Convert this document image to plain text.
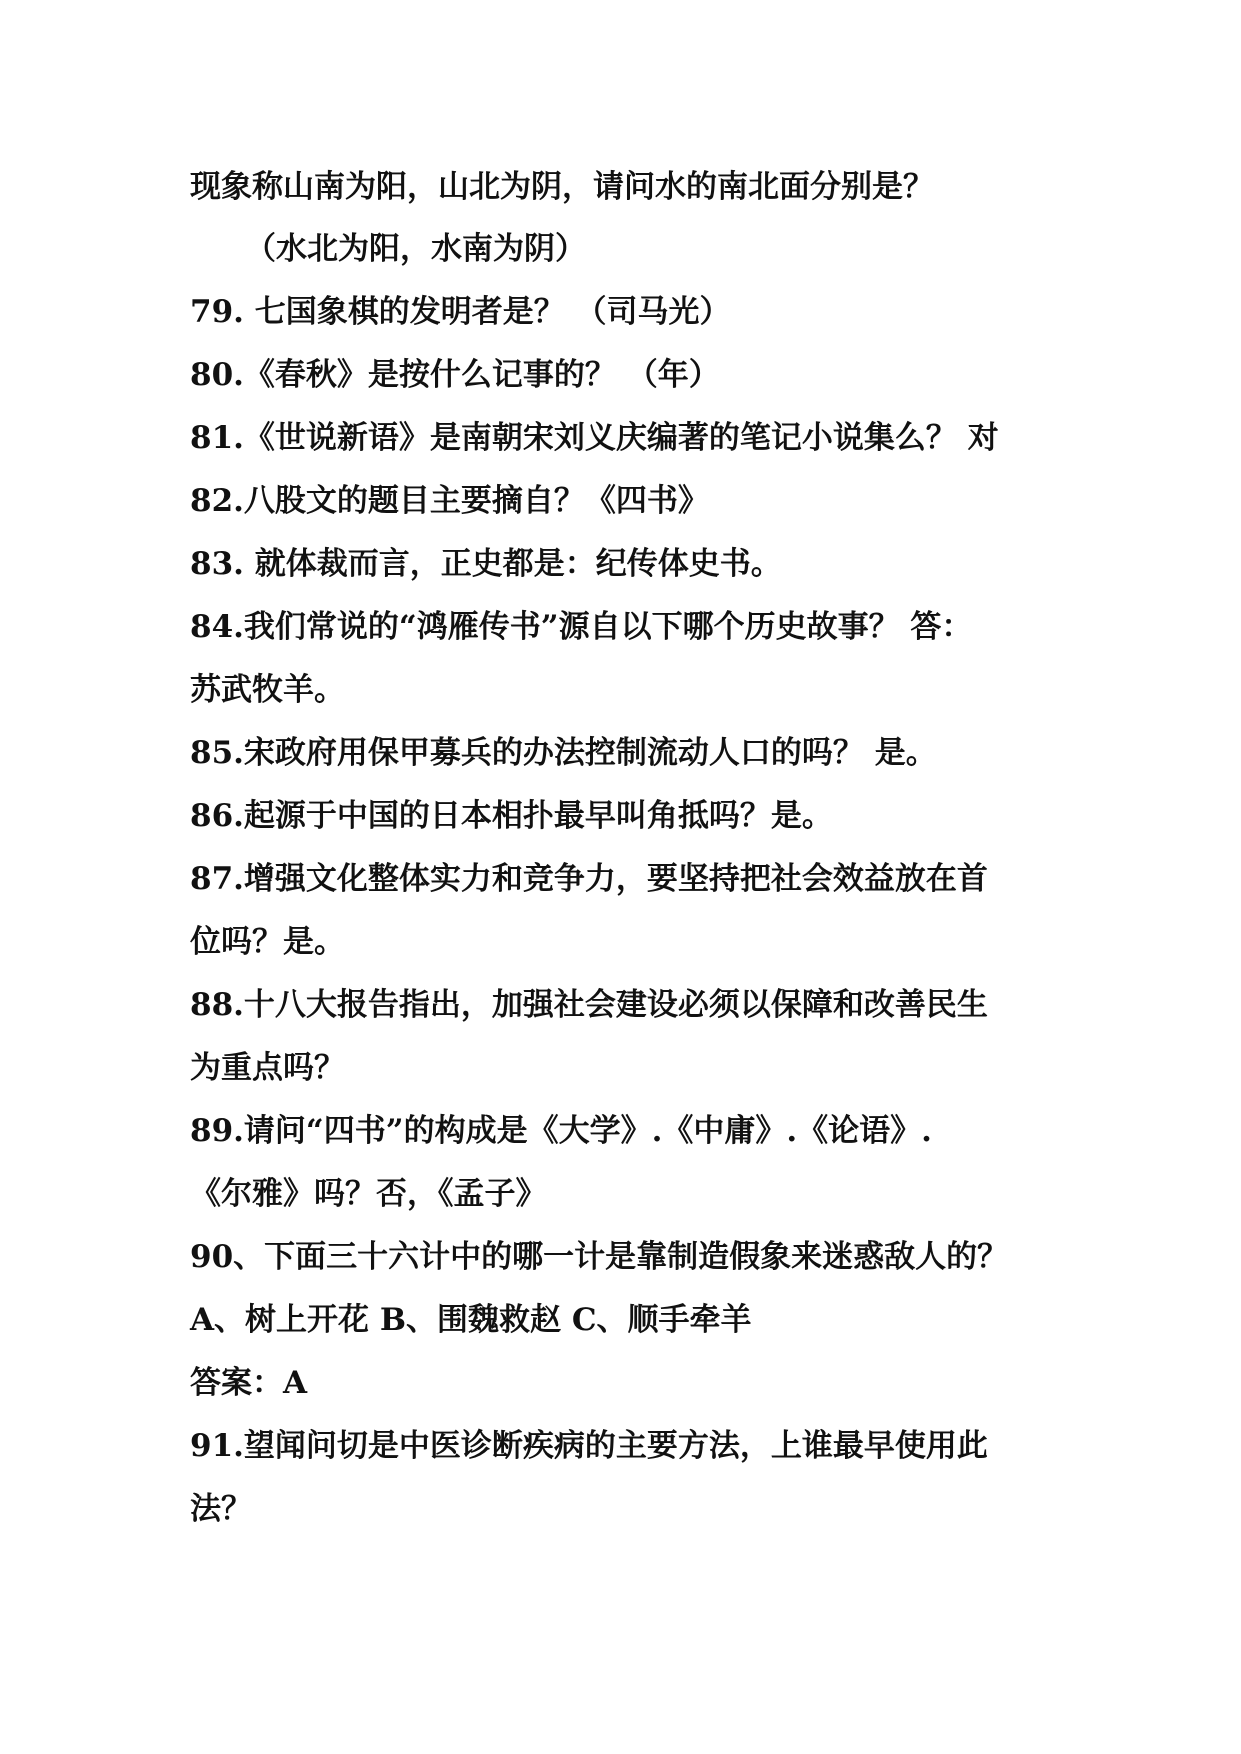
现象称山南为阳，山北为阴，请问水的南北面分别是？
（水北为阳，水南为阴）
79. 七国象棋的发明者是？ （司马光）
80.《春秋》是按什么记事的？ （年）
81.《世说新语》是南朝宋刘义庆编著的笔记小说集么？ 对
82.八股文的题目主要摘自？《四书》
83. 就体裁而言，正史都是：纪传体史书。
84.我们常说的“鸿雁传书”源自以下哪个历史故事？ 答：
苏武牧羊。
85.宋政府用保甲募兵的办法控制流动人口的吗？ 是。
86.起源于中国的日本相扑最早叫角抵吗？是。
87.增强文化整体实力和竞争力，要坚持把社会效益放在首
位吗？是。
88.十八大报告指出，加强社会建设必须以保障和改善民生
为重点吗？
89.请问“四书”的构成是《大学》.《中庸》.《论语》.
《尔雅》吗？否，《孟子》
90、下面三十六计中的哪一计是靠制造假象来迷惑敌人的？
A、树上开花 B、围魏救赵 C、顺手牵羊
答案：A
91.望闻问切是中医诊断疾病的主要方法，上谁最早使用此
法？
